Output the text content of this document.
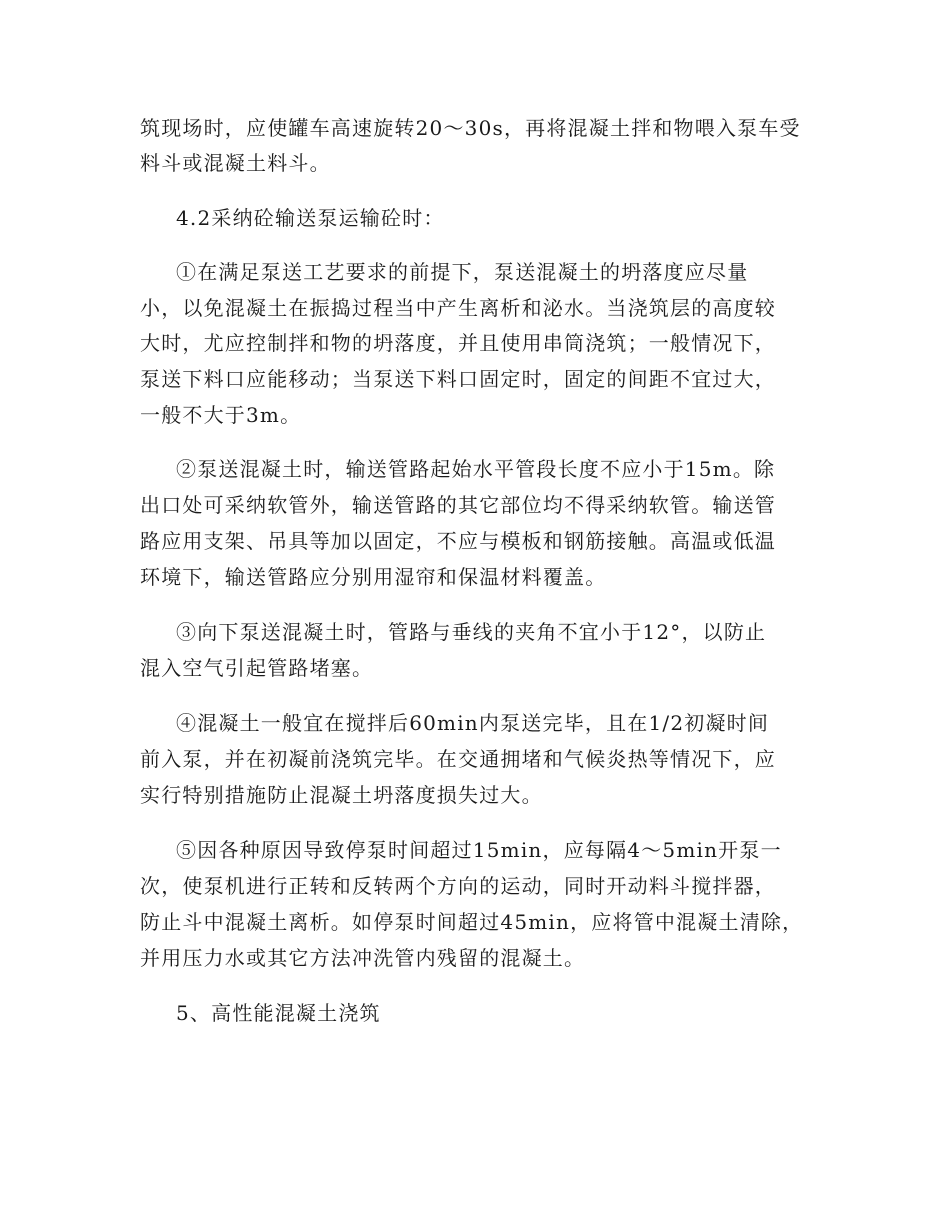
筑现场时，应使罐车高速旋转20～30s，再将混凝土拌和物喂入泵车受
料斗或混凝土料斗。
4.2采纳砼输送泵运输砼时：
①在满足泵送工艺要求的前提下，泵送混凝土的坍落度应尽量
小，以免混凝土在振捣过程当中产生离析和泌水。当浇筑层的高度较
大时，尤应控制拌和物的坍落度，并且使用串筒浇筑；一般情况下，
泵送下料口应能移动；当泵送下料口固定时，固定的间距不宜过大，
一般不大于3m。
②泵送混凝土时，输送管路起始水平管段长度不应小于15m。除
出口处可采纳软管外，输送管路的其它部位均不得采纳软管。输送管
路应用支架、吊具等加以固定，不应与模板和钢筋接触。高温或低温
环境下，输送管路应分别用湿帘和保温材料覆盖。
③向下泵送混凝土时，管路与垂线的夹角不宜小于12°，以防止
混入空气引起管路堵塞。
④混凝土一般宜在搅拌后60min内泵送完毕，且在1/2初凝时间
前入泵，并在初凝前浇筑完毕。在交通拥堵和气候炎热等情况下，应
实行特别措施防止混凝土坍落度损失过大。
⑤因各种原因导致停泵时间超过15min，应每隔4～5min开泵一
次，使泵机进行正转和反转两个方向的运动，同时开动料斗搅拌器，
防止斗中混凝土离析。如停泵时间超过45min，应将管中混凝土清除，
并用压力水或其它方法冲洗管内残留的混凝土。
5、高性能混凝土浇筑
